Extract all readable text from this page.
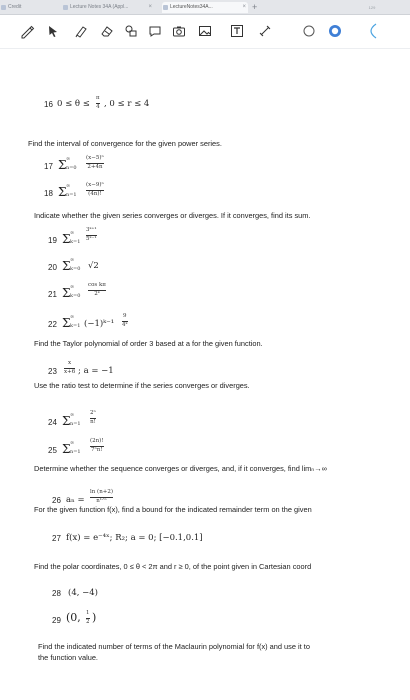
Credit	Lecture Notes 34A (Appl...	×	LectureNotes34A...	× +	129
16 0 ≤ θ ≤
π
4 , 0 ≤ r ≤ 4
Find the interval of convergence for the given power series.
17 Σ ∞
n=0
(x−5)ⁿ
2+4n
18 Σ ∞
n=1
(x−9)ⁿ
(4n)!
Indicate whether the given series converges or diverges. If it converges, find its sum.
19 Σ ∞
k=1
3ᵏ⁺¹
5ᵏ⁻¹
20 Σ ∞
k=0 √2
21 Σ ∞
k=0
cos kπ
2ᵏ
22 Σ ∞
k=1 (−1)ᵏ⁻¹
9
4ᵏ
Find the Taylor polynomial of order 3 based at a for the given function.
23
x
x+6 ; a = −1
Use the ratio test to determine if the series converges or diverges.
24 Σ ∞
n=1
2ⁿ
n!
25 Σ ∞
n=1
(2n)!
7ⁿn!
Determine whether the sequence converges or diverges, and, if it converges, find limₙ→∞
26 aₙ =
ln (n+2)
n¹ᐟⁿ
For the given function f(x), find a bound for the indicated remainder term on the given
27 f(x) = e⁻⁴ˣ; R₂; a = 0; [−0.1,0.1]
Find the polar coordinates, 0 ≤ θ < 2π and r ≥ 0, of the point given in Cartesian coord
28 (4, −4)
29 (0, 1
2 )
Find the indicated number of terms of the Maclaurin polynomial for f(x) and use it to
the function value.
